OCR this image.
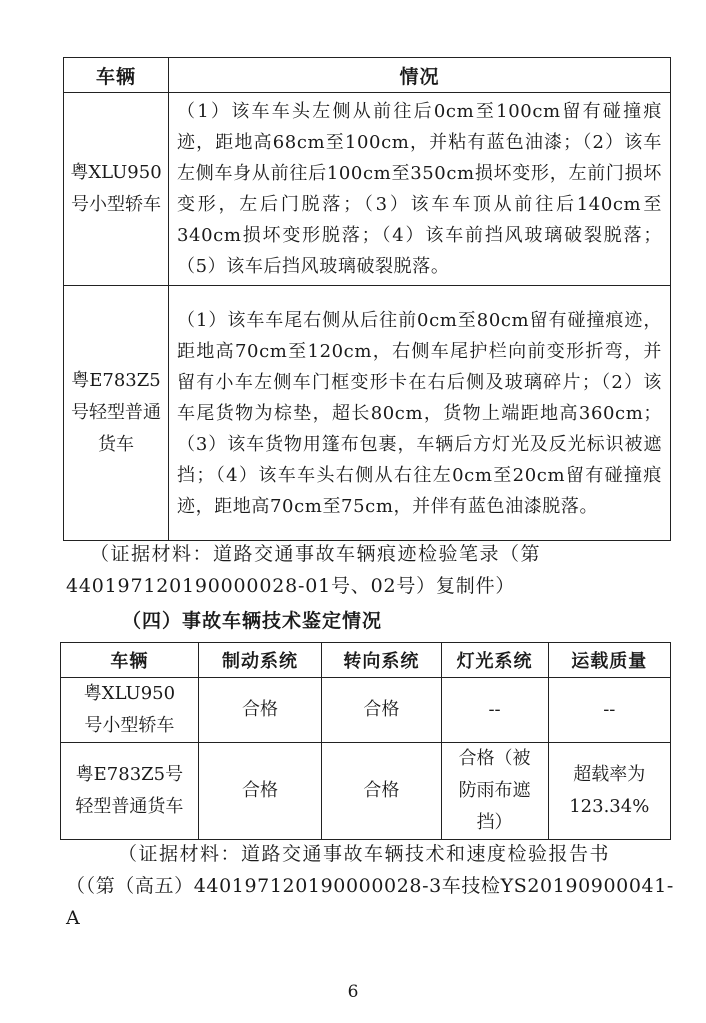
车辆	情况
粤XLU950号小型轿车	（1）该车车头左侧从前往后0cm至100cm留有碰撞痕迹，距地高68cm至100cm，并粘有蓝色油漆；（2）该车左侧车身从前往后100cm至350cm损坏变形，左前门损坏变形，左后门脱落；（3）该车车顶从前往后140cm至340cm损坏变形脱落；（4）该车前挡风玻璃破裂脱落；（5）该车后挡风玻璃破裂脱落。
粤E783Z5号轻型普通货车	（1）该车车尾右侧从后往前0cm至80cm留有碰撞痕迹，距地高70cm至120cm，右侧车尾护栏向前变形折弯，并留有小车左侧车门框变形卡在右后侧及玻璃碎片；（2）该车尾货物为棕垫，超长80cm，货物上端距地高360cm；（3）该车货物用篷布包裹，车辆后方灯光及反光标识被遮挡；（4）该车车头右侧从右往左0cm至20cm留有碰撞痕迹，距地高70cm至75cm，并伴有蓝色油漆脱落。
（证据材料：道路交通事故车辆痕迹检验笔录（第
440197120190000028-01号、02号）复制件）
（四）事故车辆技术鉴定情况
车辆	制动系统	转向系统	灯光系统	运载质量
粤XLU950号小型轿车	合格	合格	--	--
粤E783Z5号轻型普通货车	合格	合格	合格（被防雨布遮挡）	超载率为123.34%
（证据材料：道路交通事故车辆技术和速度检验报告书
（（第（高五）440197120190000028-3车技检YS20190900041-A
6
